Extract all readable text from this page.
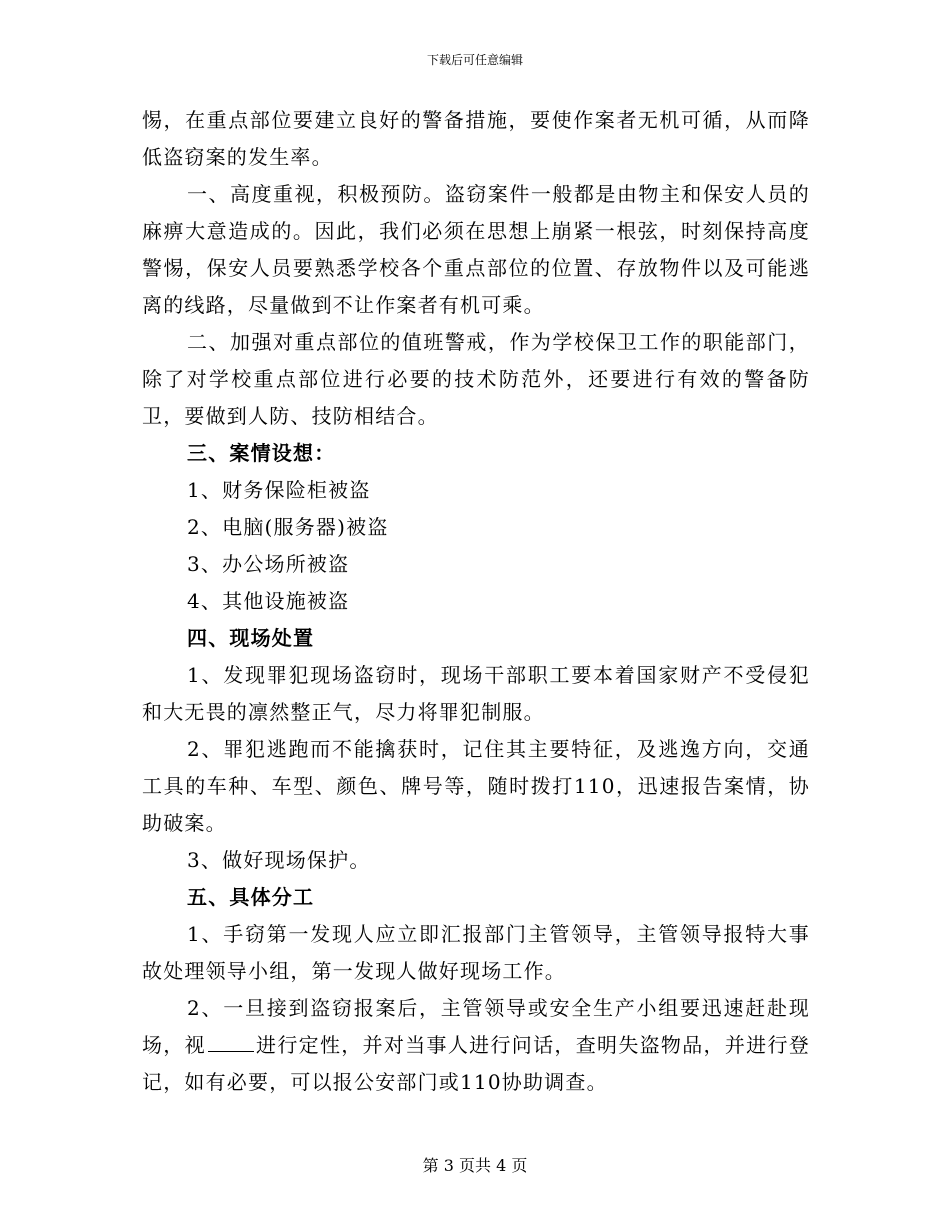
下载后可任意编辑

惕，在重点部位要建立良好的警备措施，要使作案者无机可循，从而降低盗窃案的发生率。

一、高度重视，积极预防。盗窃案件一般都是由物主和保安人员的麻痹大意造成的。因此，我们必须在思想上崩紧一根弦，时刻保持高度警惕，保安人员要熟悉学校各个重点部位的位置、存放物件以及可能逃离的线路，尽量做到不让作案者有机可乘。

二、加强对重点部位的值班警戒，作为学校保卫工作的职能部门，除了对学校重点部位进行必要的技术防范外，还要进行有效的警备防卫，要做到人防、技防相结合。

三、案情设想：

1、财务保险柜被盗

2、电脑(服务器)被盗

3、办公场所被盗

4、其他设施被盗

四、现场处置

1、发现罪犯现场盗窃时，现场干部职工要本着国家财产不受侵犯和大无畏的凛然整正气，尽力将罪犯制服。

2、罪犯逃跑而不能擒获时，记住其主要特征，及逃逸方向，交通工具的车种、车型、颜色、牌号等，随时拨打110，迅速报告案情，协助破案。

3、做好现场保护。

五、具体分工

1、手窃第一发现人应立即汇报部门主管领导，主管领导报特大事故处理领导小组，第一发现人做好现场工作。

2、一旦接到盗窃报案后，主管领导或安全生产小组要迅速赶赴现场，视	进行定性，并对当事人进行问话，查明失盗物品，并进行登记，如有必要，可以报公安部门或110协助调查。

第 3 页共 4 页
